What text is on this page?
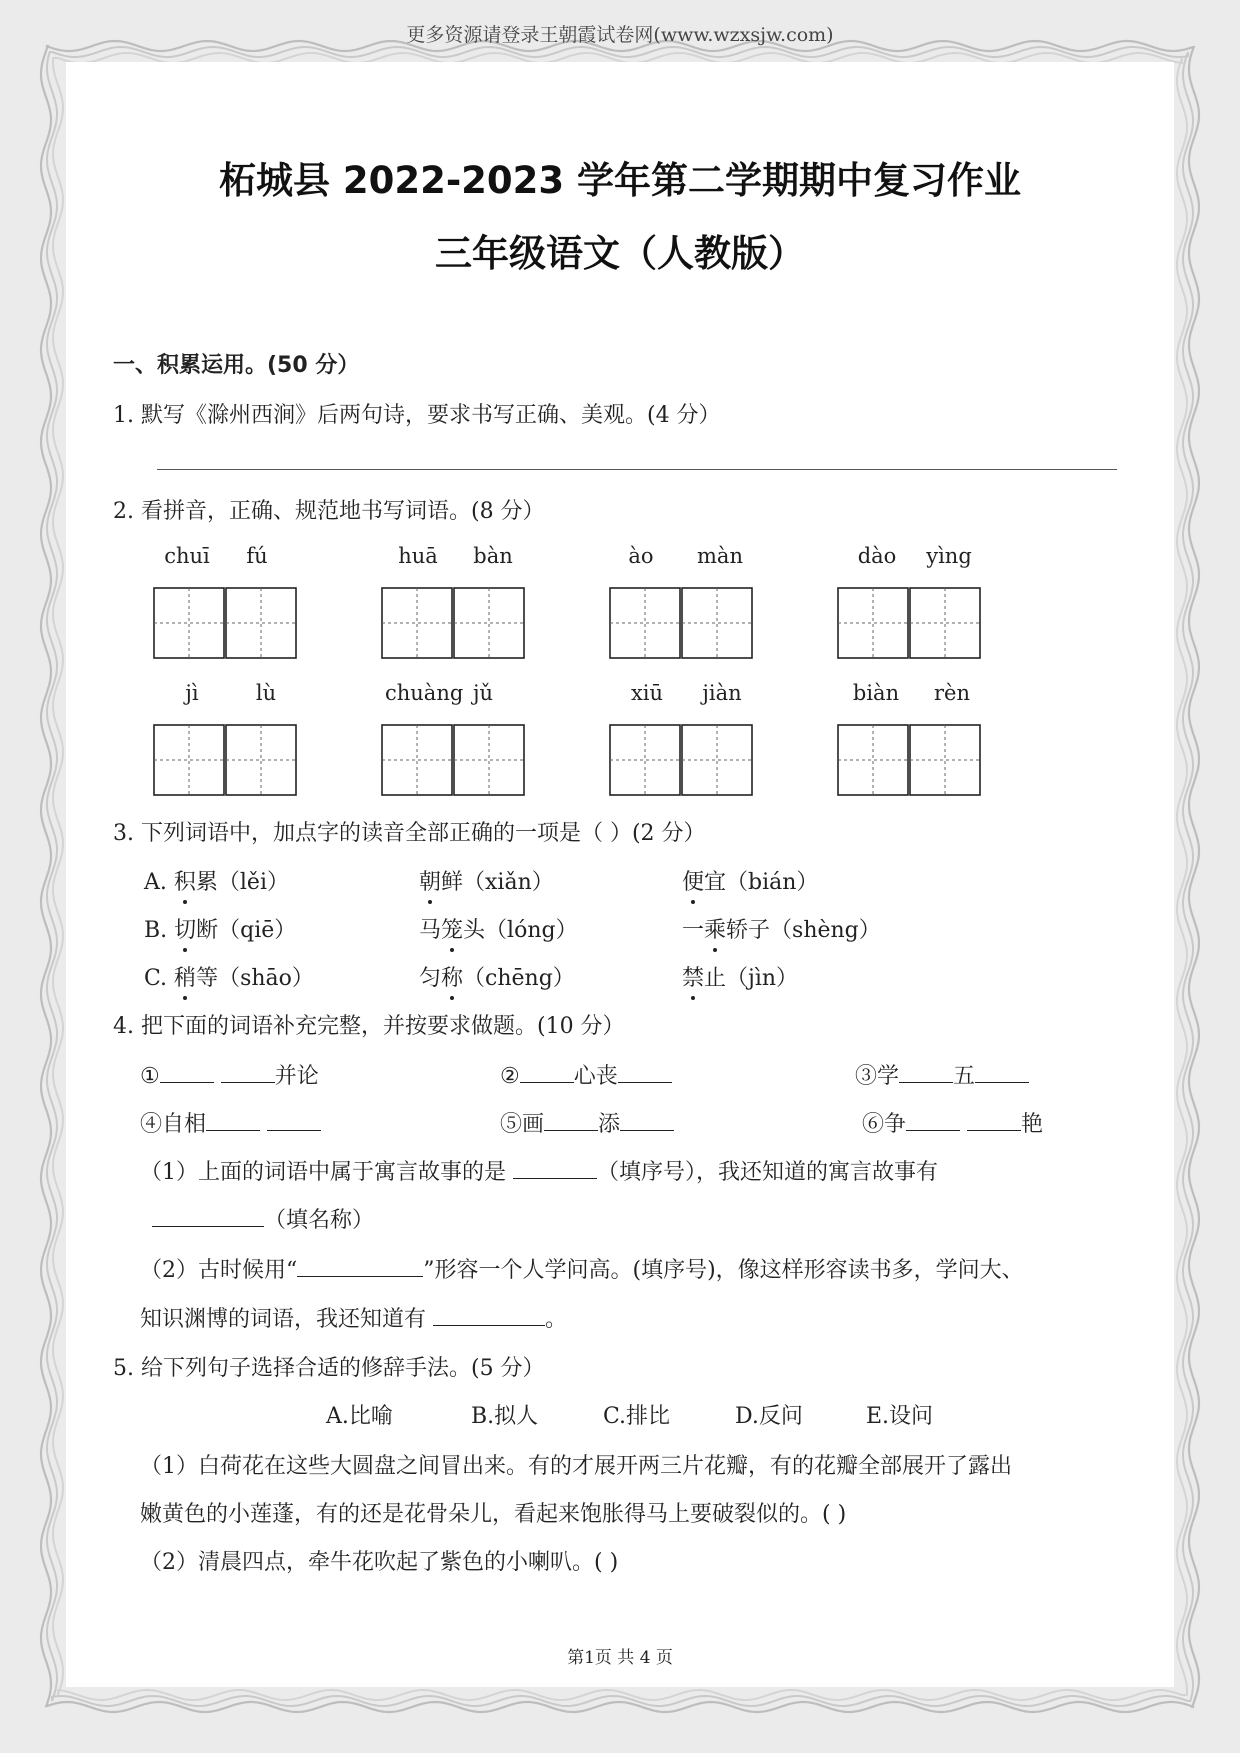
更多资源请登录王朝霞试卷网(www.wzxsjw.com)
柘城县 2022-2023 学年第二学期期中复习作业
三年级语文（人教版）
一、积累运用。(50 分）
1. 默写《滁州西涧》后两句诗，要求书写正确、美观。(4 分）
2. 看拼音，正确、规范地书写词语。(8 分）
chuī fú	huā bàn	ào màn	dào yìng
jì	lù	chuàng jǔ	xiū jiàn	biàn rèn
3. 下列词语中，加点字的读音全部正确的一项是（ ）(2 分）
A. 积累（lěi）	朝鲜（xiǎn）	便宜（bián）
B. 切断（qiē）	马笼头（lóng）	一乘轿子（shèng）
C. 稍等（shāo）	匀称（chēng）	禁止（jìn）
4. 把下面的词语补充完整，并按要求做题。(10 分）
①	并论	② 心丧	③学 五
④自相	⑤画 添	⑥争	艳
（1）上面的词语中属于寓言故事的是	（填序号），我还知道的寓言故事有
（填名称）
（2）古时候用“	”形容一个人学问高。(填序号)，像这样形容读书多，学问大、
知识渊博的词语，我还知道有	。
5. 给下列句子选择合适的修辞手法。(5 分）
A.比喻	B.拟人	C.排比	D.反问	E.设问
（1）白荷花在这些大圆盘之间冒出来。有的才展开两三片花瓣，有的花瓣全部展开了露出
嫩黄色的小莲蓬，有的还是花骨朵儿，看起来饱胀得马上要破裂似的。( )
（2）清晨四点，牵牛花吹起了紫色的小喇叭。( )
第1页 共 4 页
